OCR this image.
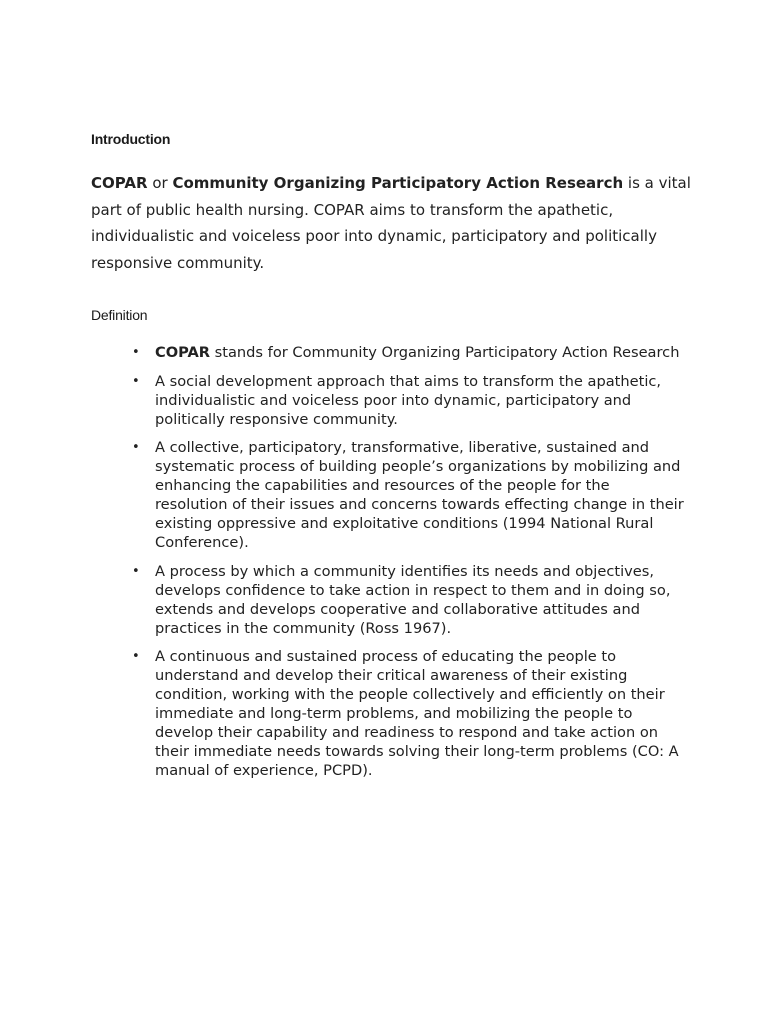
Introduction

COPAR or Community Organizing Participatory Action Research is a vital part of public health nursing. COPAR aims to transform the apathetic, individualistic and voiceless poor into dynamic, participatory and politically responsive community.

Definition
• COPAR stands for Community Organizing Participatory Action Research
• A social development approach that aims to transform the apathetic, individualistic and voiceless poor into dynamic, participatory and politically responsive community.
• A collective, participatory, transformative, liberative, sustained and systematic process of building people’s organizations by mobilizing and enhancing the capabilities and resources of the people for the resolution of their issues and concerns towards effecting change in their existing oppressive and exploitative conditions (1994 National Rural Conference).
• A process by which a community identifies its needs and objectives, develops confidence to take action in respect to them and in doing so, extends and develops cooperative and collaborative attitudes and practices in the community (Ross 1967).
• A continuous and sustained process of educating the people to understand and develop their critical awareness of their existing condition, working with the people collectively and efficiently on their immediate and long-term problems, and mobilizing the people to develop their capability and readiness to respond and take action on their immediate needs towards solving their long-term problems (CO: A manual of experience, PCPD).
